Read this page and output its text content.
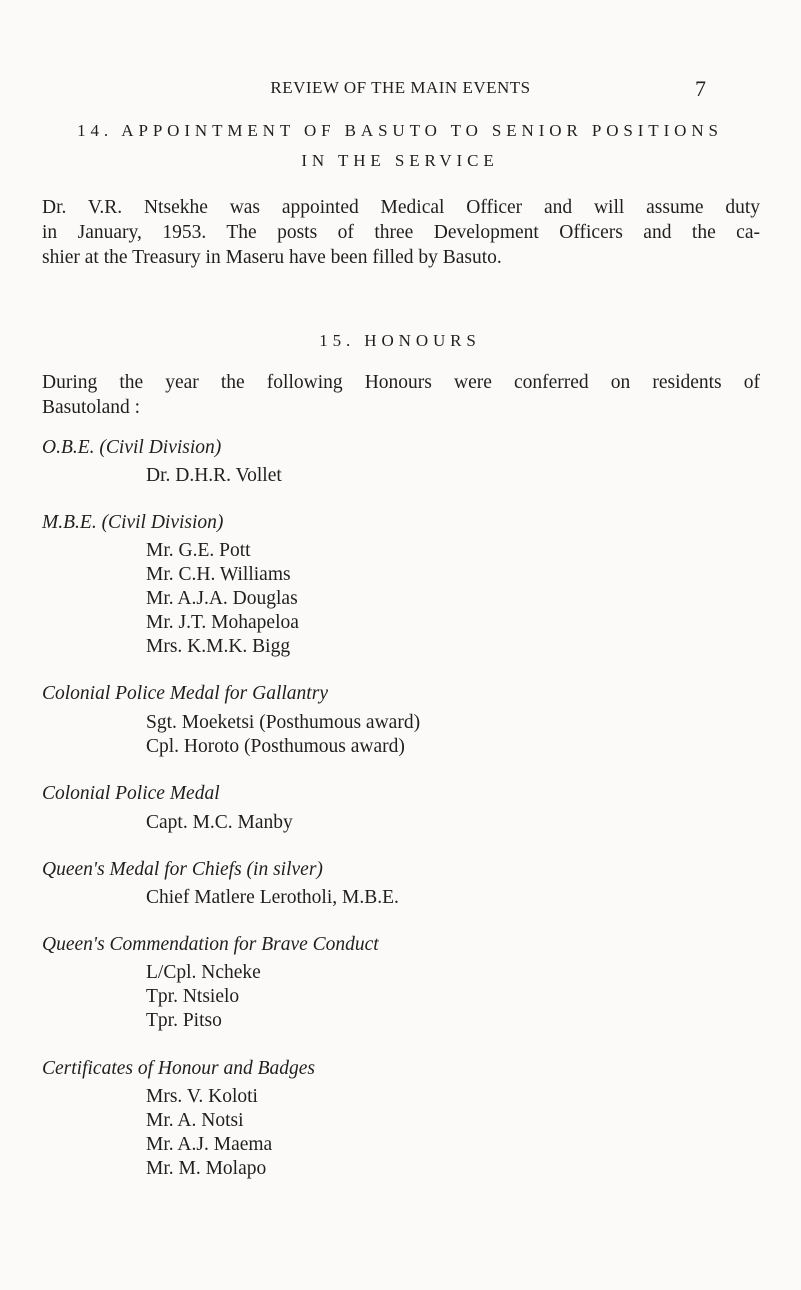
REVIEW OF THE MAIN EVENTS	7
14. APPOINTMENT OF BASUTO TO SENIOR POSITIONS
IN THE SERVICE
Dr. V.R. Ntsekhe was appointed Medical Officer and will assume duty
in January, 1953. The posts of three Development Officers and the ca-
shier at the Treasury in Maseru have been filled by Basuto.
15. HONOURS
During the year the following Honours were conferred on residents of
Basutoland :
O.B.E. (Civil Division)
Dr. D.H.R. Vollet
M.B.E. (Civil Division)
Mr. G.E. Pott
Mr. C.H. Williams
Mr. A.J.A. Douglas
Mr. J.T. Mohapeloa
Mrs. K.M.K. Bigg
Colonial Police Medal for Gallantry
Sgt. Moeketsi (Posthumous award)
Cpl. Horoto (Posthumous award)
Colonial Police Medal
Capt. M.C. Manby
Queen's Medal for Chiefs (in silver)
Chief Matlere Lerotholi, M.B.E.
Queen's Commendation for Brave Conduct
L/Cpl. Ncheke
Tpr. Ntsielo
Tpr. Pitso
Certificates of Honour and Badges
Mrs. V. Koloti
Mr. A. Notsi
Mr. A.J. Maema
Mr. M. Molapo
